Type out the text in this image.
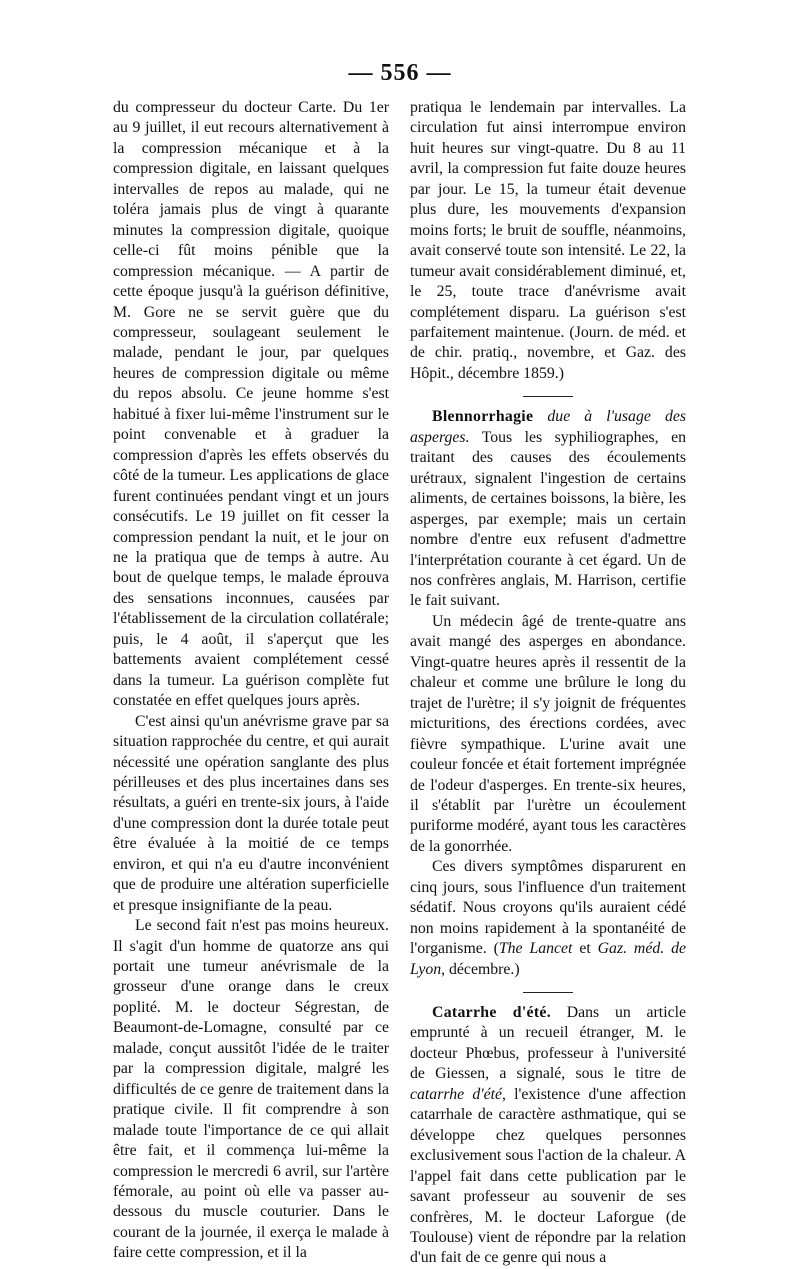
— 556 —

du compresseur du docteur Carte. Du 1er au 9 juillet, il eut recours alternativement à la compression mécanique et à la compression digitale, en laissant quelques intervalles de repos au malade, qui ne toléra jamais plus de vingt à quarante minutes la compression digitale, quoique celle-ci fût moins pénible que la compression mécanique. — A partir de cette époque jusqu'à la guérison définitive, M. Gore ne se servit guère que du compresseur, soulageant seulement le malade, pendant le jour, par quelques heures de compression digitale ou même du repos absolu. Ce jeune homme s'est habitué à fixer lui-même l'instrument sur le point convenable et à graduer la compression d'après les effets observés du côté de la tumeur. Les applications de glace furent continuées pendant vingt et un jours consécutifs. Le 19 juillet on fit cesser la compression pendant la nuit, et le jour on ne la pratiqua que de temps à autre. Au bout de quelque temps, le malade éprouva des sensations inconnues, causées par l'établissement de la circulation collatérale; puis, le 4 août, il s'aperçut que les battements avaient complétement cessé dans la tumeur. La guérison complète fut constatée en effet quelques jours après.

C'est ainsi qu'un anévrisme grave par sa situation rapprochée du centre, et qui aurait nécessité une opération sanglante des plus périlleuses et des plus incertaines dans ses résultats, a guéri en trente-six jours, à l'aide d'une compression dont la durée totale peut être évaluée à la moitié de ce temps environ, et qui n'a eu d'autre inconvénient que de produire une altération superficielle et presque insignifiante de la peau.

Le second fait n'est pas moins heureux. Il s'agit d'un homme de quatorze ans qui portait une tumeur anévrismale de la grosseur d'une orange dans le creux poplité. M. le docteur Ségrestan, de Beaumont-de-Lomagne, consulté par ce malade, conçut aussitôt l'idée de le traiter par la compression digitale, malgré les difficultés de ce genre de traitement dans la pratique civile. Il fit comprendre à son malade toute l'importance de ce qui allait être fait, et il commença lui-même la compression le mercredi 6 avril, sur l'artère fémorale, au point où elle va passer au-dessous du muscle couturier. Dans le courant de la journée, il exerça le malade à faire cette compression, et il la

pratiqua le lendemain par intervalles. La circulation fut ainsi interrompue environ huit heures sur vingt-quatre. Du 8 au 11 avril, la compression fut faite douze heures par jour. Le 15, la tumeur était devenue plus dure, les mouvements d'expansion moins forts; le bruit de souffle, néanmoins, avait conservé toute son intensité. Le 22, la tumeur avait considérablement diminué, et, le 25, toute trace d'anévrisme avait complétement disparu. La guérison s'est parfaitement maintenue. (Journ. de méd. et de chir. pratiq., novembre, et Gaz. des Hôpit., décembre 1859.)

Blennorrhagie due à l'usage des asperges. Tous les syphiliographes, en traitant des causes des écoulements urétraux, signalent l'ingestion de certains aliments, de certaines boissons, la bière, les asperges, par exemple; mais un certain nombre d'entre eux refusent d'admettre l'interprétation courante à cet égard. Un de nos confrères anglais, M. Harrison, certifie le fait suivant.

Un médecin âgé de trente-quatre ans avait mangé des asperges en abondance. Vingt-quatre heures après il ressentit de la chaleur et comme une brûlure le long du trajet de l'urètre; il s'y joignit de fréquentes micturitions, des érections cordées, avec fièvre sympathique. L'urine avait une couleur foncée et était fortement imprégnée de l'odeur d'asperges. En trente-six heures, il s'établit par l'urètre un écoulement puriforme modéré, ayant tous les caractères de la gonorrhée.

Ces divers symptômes disparurent en cinq jours, sous l'influence d'un traitement sédatif. Nous croyons qu'ils auraient cédé non moins rapidement à la spontanéité de l'organisme. (The Lancet et Gaz. méd. de Lyon, décembre.)

Catarrhe d'été. Dans un article emprunté à un recueil étranger, M. le docteur Phœbus, professeur à l'université de Giessen, a signalé, sous le titre de catarrhe d'été, l'existence d'une affection catarrhale de caractère asthmatique, qui se développe chez quelques personnes exclusivement sous l'action de la chaleur. A l'appel fait dans cette publication par le savant professeur au souvenir de ses confrères, M. le docteur Laforgue (de Toulouse) vient de répondre par la relation d'un fait de ce genre qui nous a
